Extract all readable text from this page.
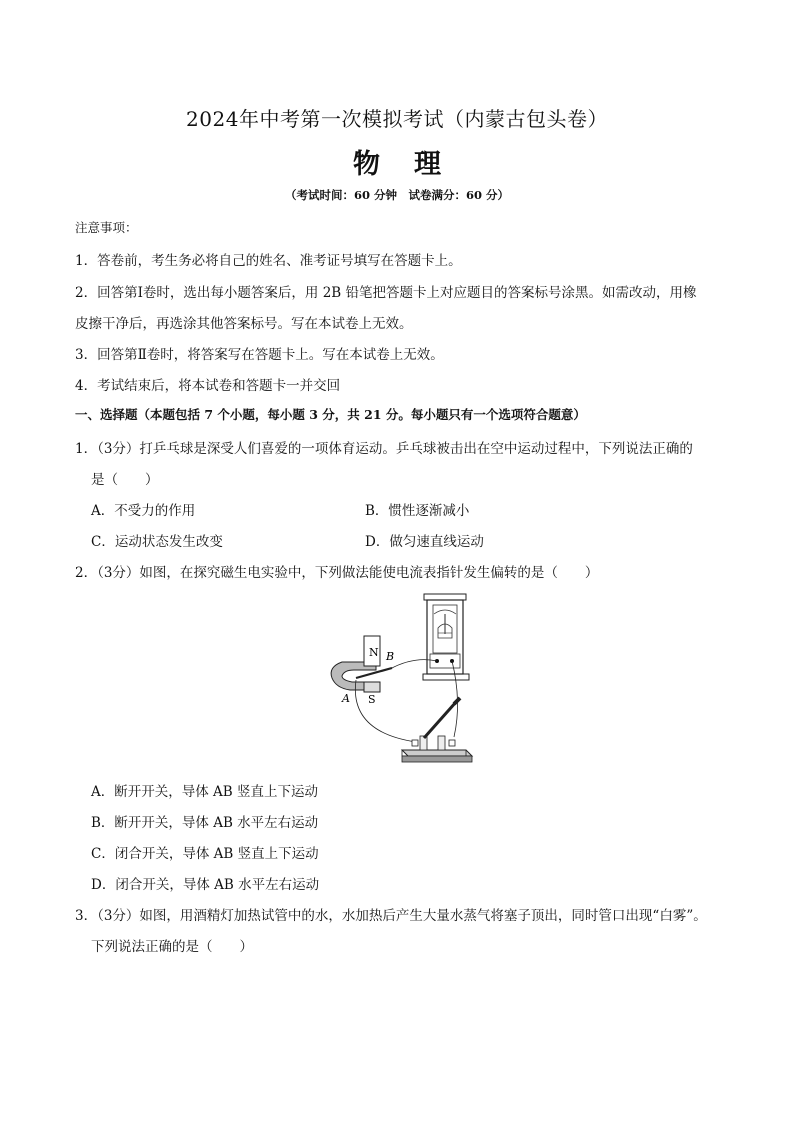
2024年中考第一次模拟考试（内蒙古包头卷）
物理
（考试时间：60 分钟　试卷满分：60 分）
注意事项：
1．答卷前，考生务必将自己的姓名、准考证号填写在答题卡上。
2．回答第Ⅰ卷时，选出每小题答案后，用 2B 铅笔把答题卡上对应题目的答案标号涂黑。如需改动，用橡
皮擦干净后，再选涂其他答案标号。写在本试卷上无效。
3．回答第Ⅱ卷时，将答案写在答题卡上。写在本试卷上无效。
4．考试结束后，将本试卷和答题卡一并交回
一、选择题（本题包括 7 个小题，每小题 3 分，共 21 分。每小题只有一个选项符合题意）
1．（3分）打乒乓球是深受人们喜爱的一项体育运动。乒乓球被击出在空中运动过程中，下列说法正确的
是（　　）
A．不受力的作用	B．惯性逐渐减小
C．运动状态发生改变	D．做匀速直线运动
2．（3分）如图，在探究磁生电实验中，下列做法能使电流表指针发生偏转的是（　　）
N
S
A
B
A．断开开关，导体 AB 竖直上下运动
B．断开开关，导体 AB 水平左右运动
C．闭合开关，导体 AB 竖直上下运动
D．闭合开关，导体 AB 水平左右运动
3．（3分）如图，用酒精灯加热试管中的水，水加热后产生大量水蒸气将塞子顶出，同时管口出现“白雾”。
下列说法正确的是（　　）
